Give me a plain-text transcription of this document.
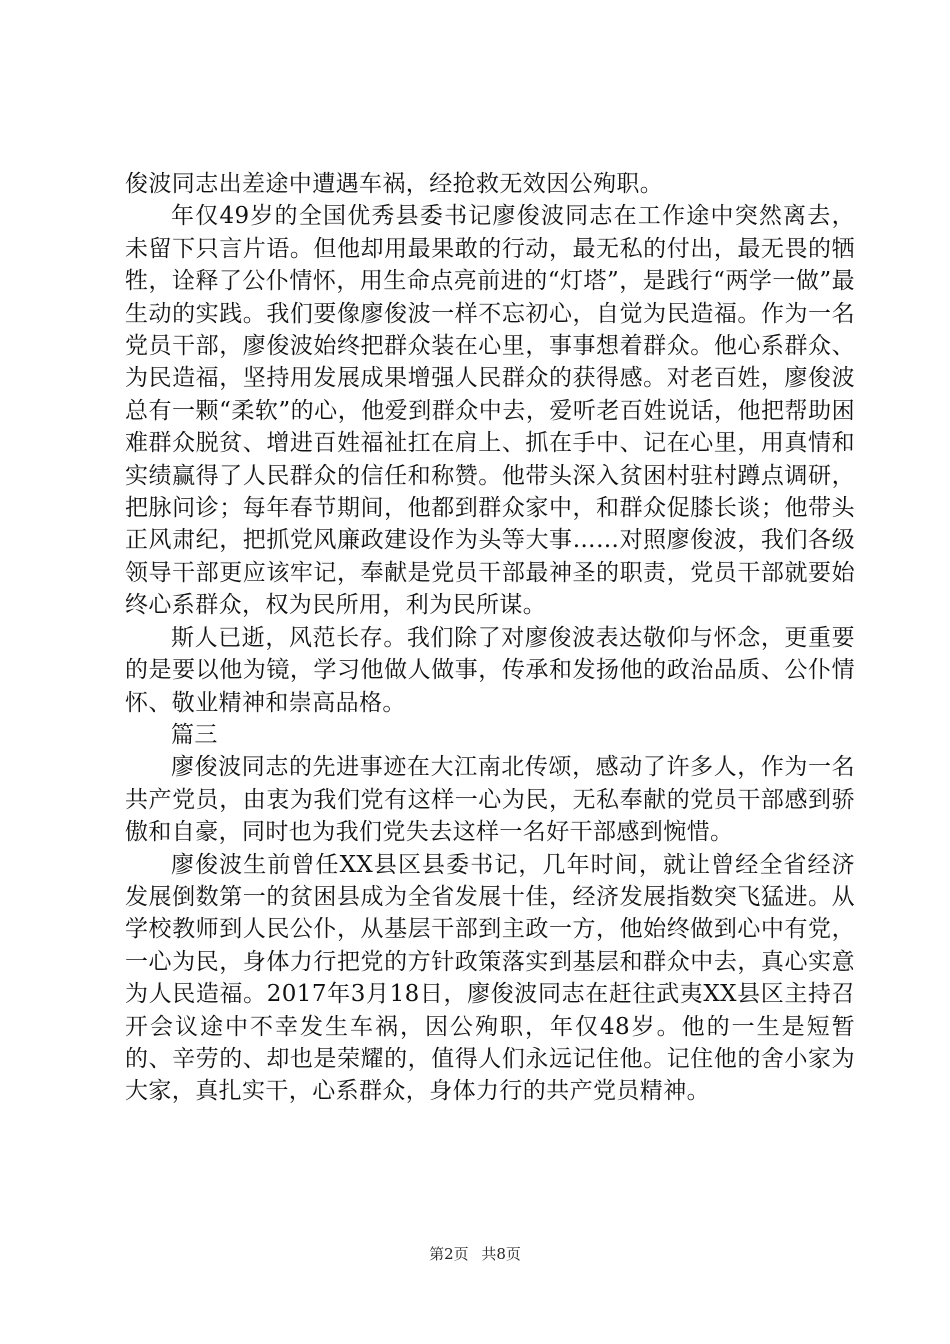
俊波同志出差途中遭遇车祸，经抢救无效因公殉职。

年仅49岁的全国优秀县委书记廖俊波同志在工作途中突然离去，未留下只言片语。但他却用最果敢的行动，最无私的付出，最无畏的牺牲，诠释了公仆情怀，用生命点亮前进的“灯塔”，是践行“两学一做”最生动的实践。我们要像廖俊波一样不忘初心，自觉为民造福。作为一名党员干部，廖俊波始终把群众装在心里，事事想着群众。他心系群众、为民造福，坚持用发展成果增强人民群众的获得感。对老百姓，廖俊波总有一颗“柔软”的心，他爱到群众中去，爱听老百姓说话，他把帮助困难群众脱贫、增进百姓福祉扛在肩上、抓在手中、记在心里，用真情和实绩赢得了人民群众的信任和称赞。他带头深入贫困村驻村蹲点调研，把脉问诊；每年春节期间，他都到群众家中，和群众促膝长谈；他带头正风肃纪，把抓党风廉政建设作为头等大事……对照廖俊波，我们各级领导干部更应该牢记，奉献是党员干部最神圣的职责，党员干部就要始终心系群众，权为民所用，利为民所谋。

斯人已逝，风范长存。我们除了对廖俊波表达敬仰与怀念，更重要的是要以他为镜，学习他做人做事，传承和发扬他的政治品质、公仆情怀、敬业精神和崇高品格。

篇三

廖俊波同志的先进事迹在大江南北传颂，感动了许多人，作为一名共产党员，由衷为我们党有这样一心为民，无私奉献的党员干部感到骄傲和自豪，同时也为我们党失去这样一名好干部感到惋惜。

廖俊波生前曾任XX县区县委书记，几年时间，就让曾经全省经济发展倒数第一的贫困县成为全省发展十佳，经济发展指数突飞猛进。从学校教师到人民公仆，从基层干部到主政一方，他始终做到心中有党，一心为民，身体力行把党的方针政策落实到基层和群众中去，真心实意为人民造福。2017年3月18日，廖俊波同志在赶往武夷XX县区主持召开会议途中不幸发生车祸，因公殉职，年仅48岁。他的一生是短暂的、辛劳的、却也是荣耀的，值得人们永远记住他。记住他的舍小家为大家，真扎实干，心系群众，身体力行的共产党员精神。

第2页 共8页
